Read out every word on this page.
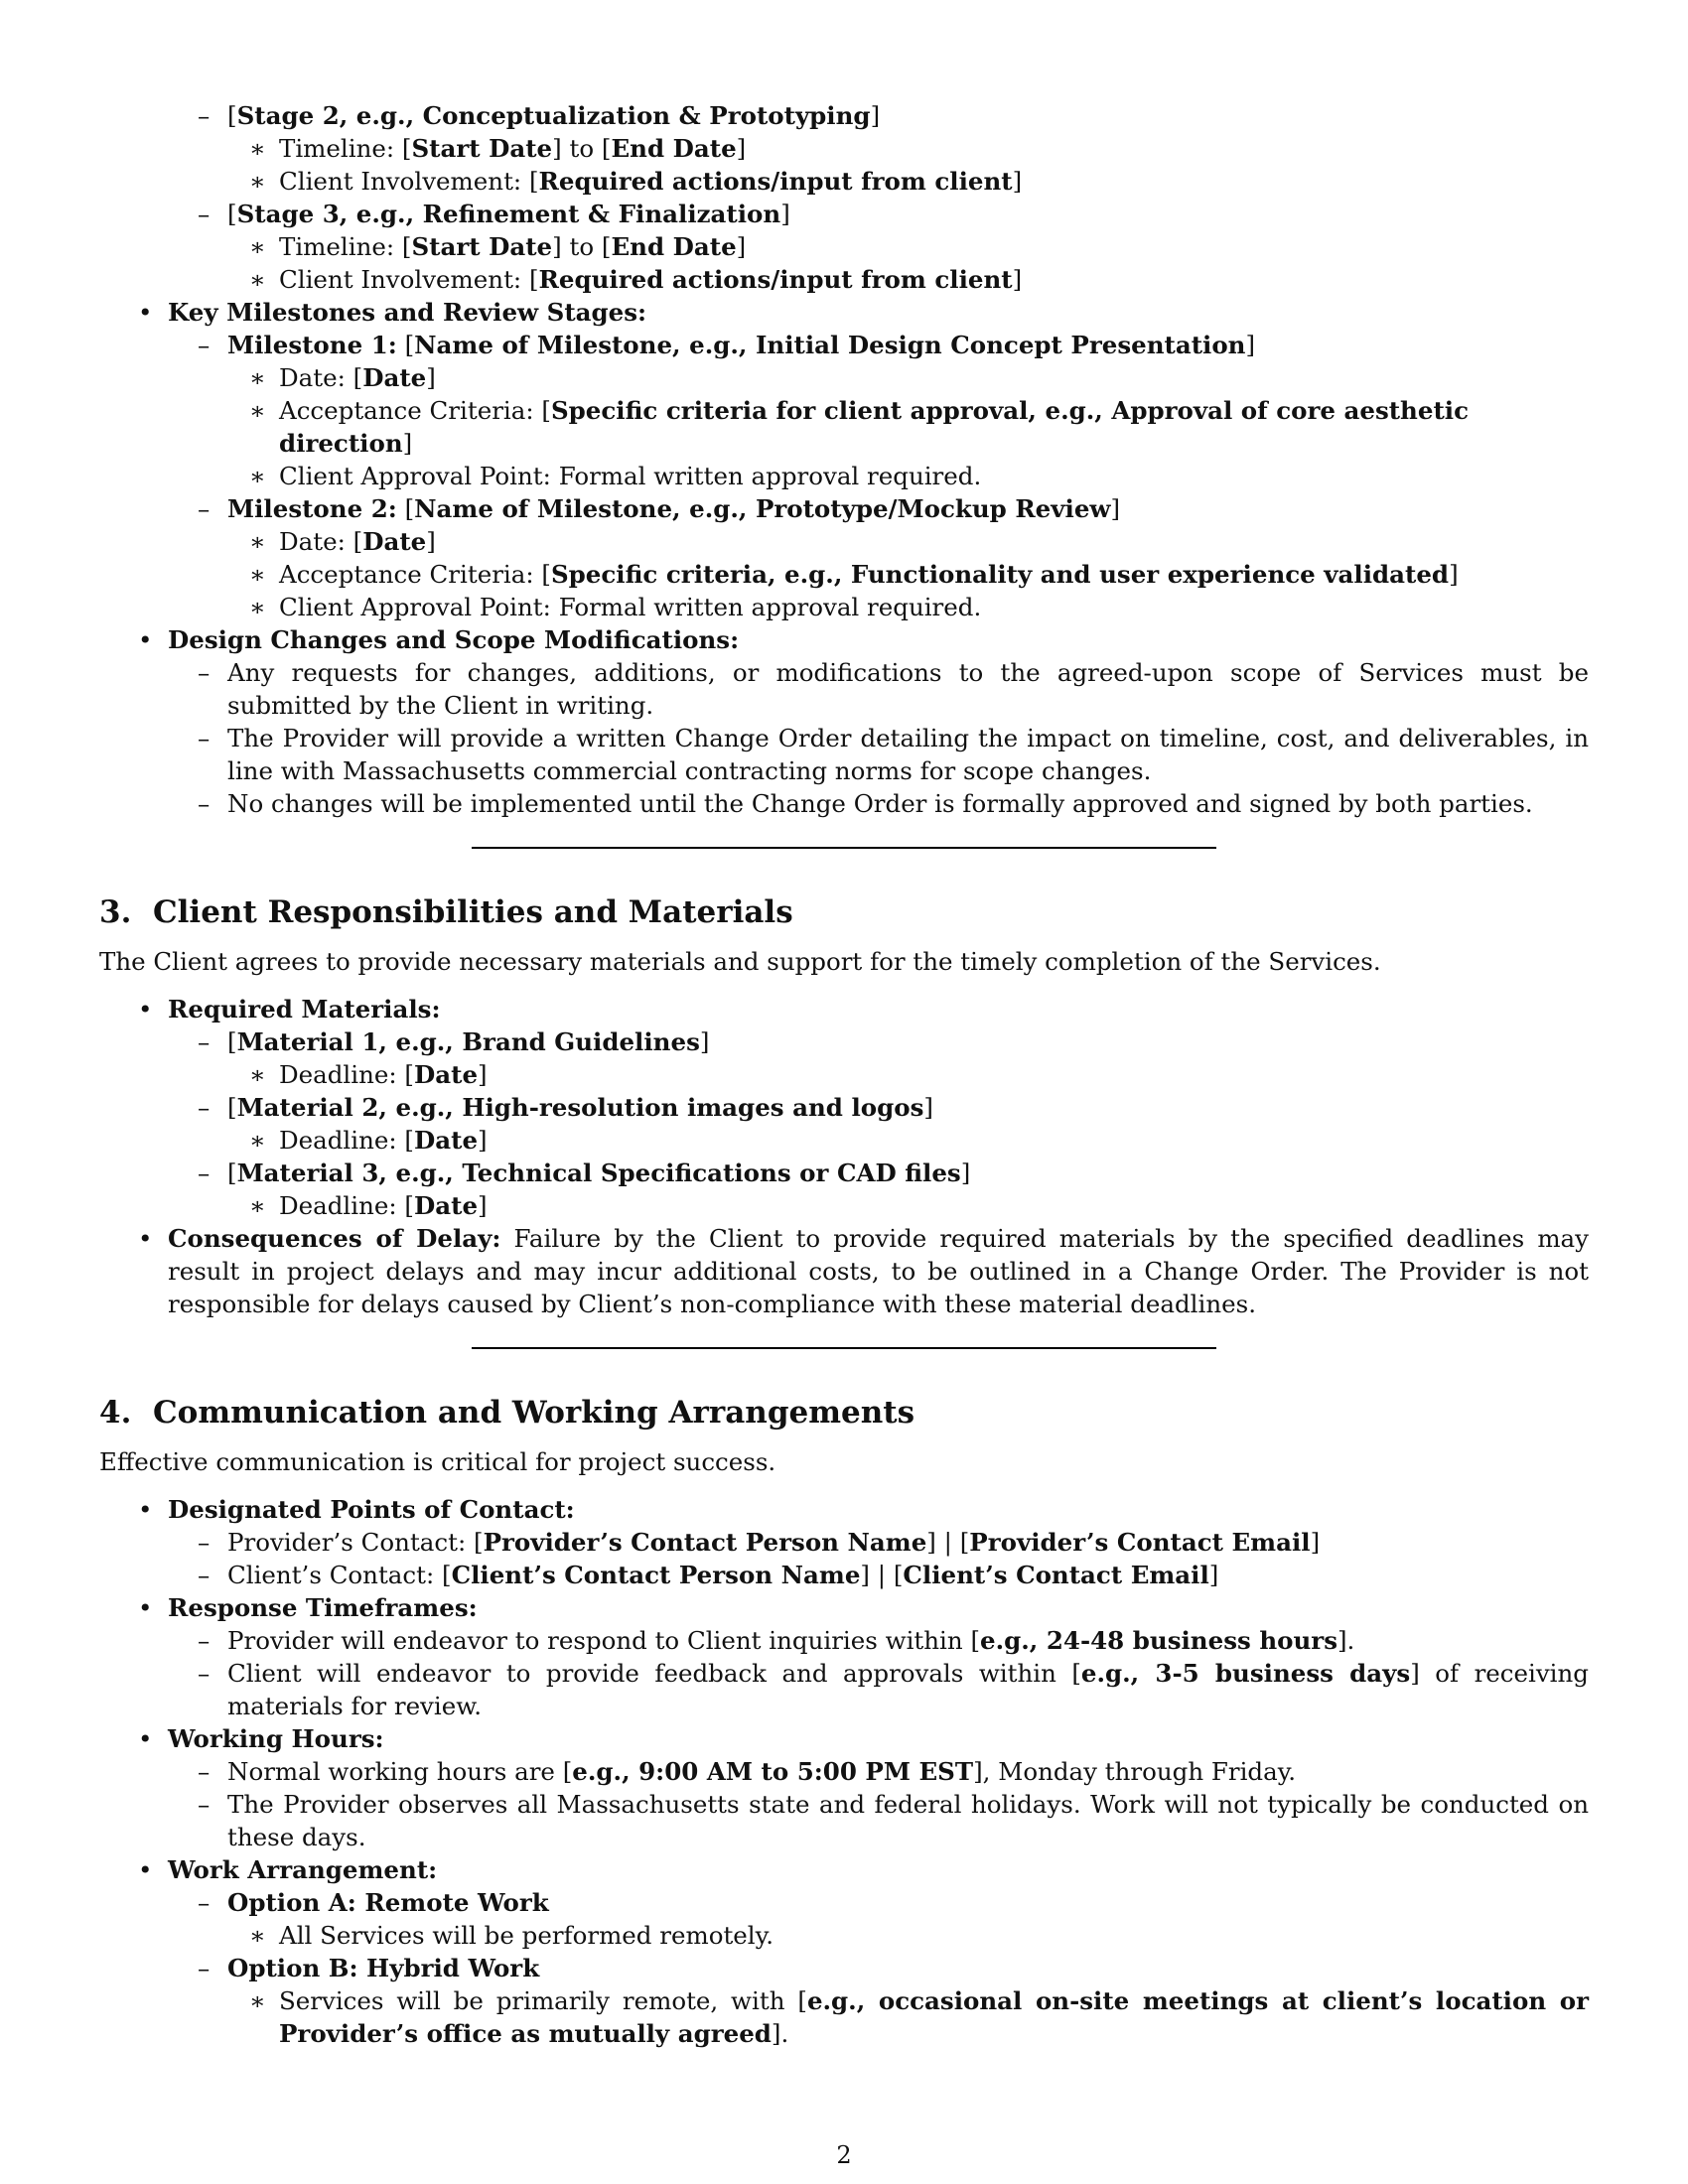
– [Stage 2, e.g., Conceptualization & Prototyping]
∗ Timeline: [Start Date] to [End Date]
∗ Client Involvement: [Required actions/input from client]
– [Stage 3, e.g., Refinement & Finalization]
∗ Timeline: [Start Date] to [End Date]
∗ Client Involvement: [Required actions/input from client]
• Key Milestones and Review Stages:
– Milestone 1: [Name of Milestone, e.g., Initial Design Concept Presentation]
∗ Date: [Date]
∗ Acceptance Criteria: [Specific criteria for client approval, e.g., Approval of core aesthetic direction]
∗ Client Approval Point: Formal written approval required.
– Milestone 2: [Name of Milestone, e.g., Prototype/Mockup Review]
∗ Date: [Date]
∗ Acceptance Criteria: [Specific criteria, e.g., Functionality and user experience validated]
∗ Client Approval Point: Formal written approval required.
• Design Changes and Scope Modifications:
– Any requests for changes, additions, or modifications to the agreed-upon scope of Services must be submitted by the Client in writing.
– The Provider will provide a written Change Order detailing the impact on timeline, cost, and deliverables, in line with Massachusetts commercial contracting norms for scope changes.
– No changes will be implemented until the Change Order is formally approved and signed by both parties.
3. Client Responsibilities and Materials
The Client agrees to provide necessary materials and support for the timely completion of the Services.
• Required Materials:
– [Material 1, e.g., Brand Guidelines]
∗ Deadline: [Date]
– [Material 2, e.g., High-resolution images and logos]
∗ Deadline: [Date]
– [Material 3, e.g., Technical Specifications or CAD files]
∗ Deadline: [Date]
• Consequences of Delay: Failure by the Client to provide required materials by the specified deadlines may result in project delays and may incur additional costs, to be outlined in a Change Order. The Provider is not responsible for delays caused by Client’s non-compliance with these material deadlines.
4. Communication and Working Arrangements
Effective communication is critical for project success.
• Designated Points of Contact:
– Provider’s Contact: [Provider’s Contact Person Name] | [Provider’s Contact Email]
– Client’s Contact: [Client’s Contact Person Name] | [Client’s Contact Email]
• Response Timeframes:
– Provider will endeavor to respond to Client inquiries within [e.g., 24-48 business hours].
– Client will endeavor to provide feedback and approvals within [e.g., 3-5 business days] of receiving materials for review.
• Working Hours:
– Normal working hours are [e.g., 9:00 AM to 5:00 PM EST], Monday through Friday.
– The Provider observes all Massachusetts state and federal holidays. Work will not typically be conducted on these days.
• Work Arrangement:
– Option A: Remote Work
∗ All Services will be performed remotely.
– Option B: Hybrid Work
∗ Services will be primarily remote, with [e.g., occasional on-site meetings at client’s location or Provider’s office as mutually agreed].
2
